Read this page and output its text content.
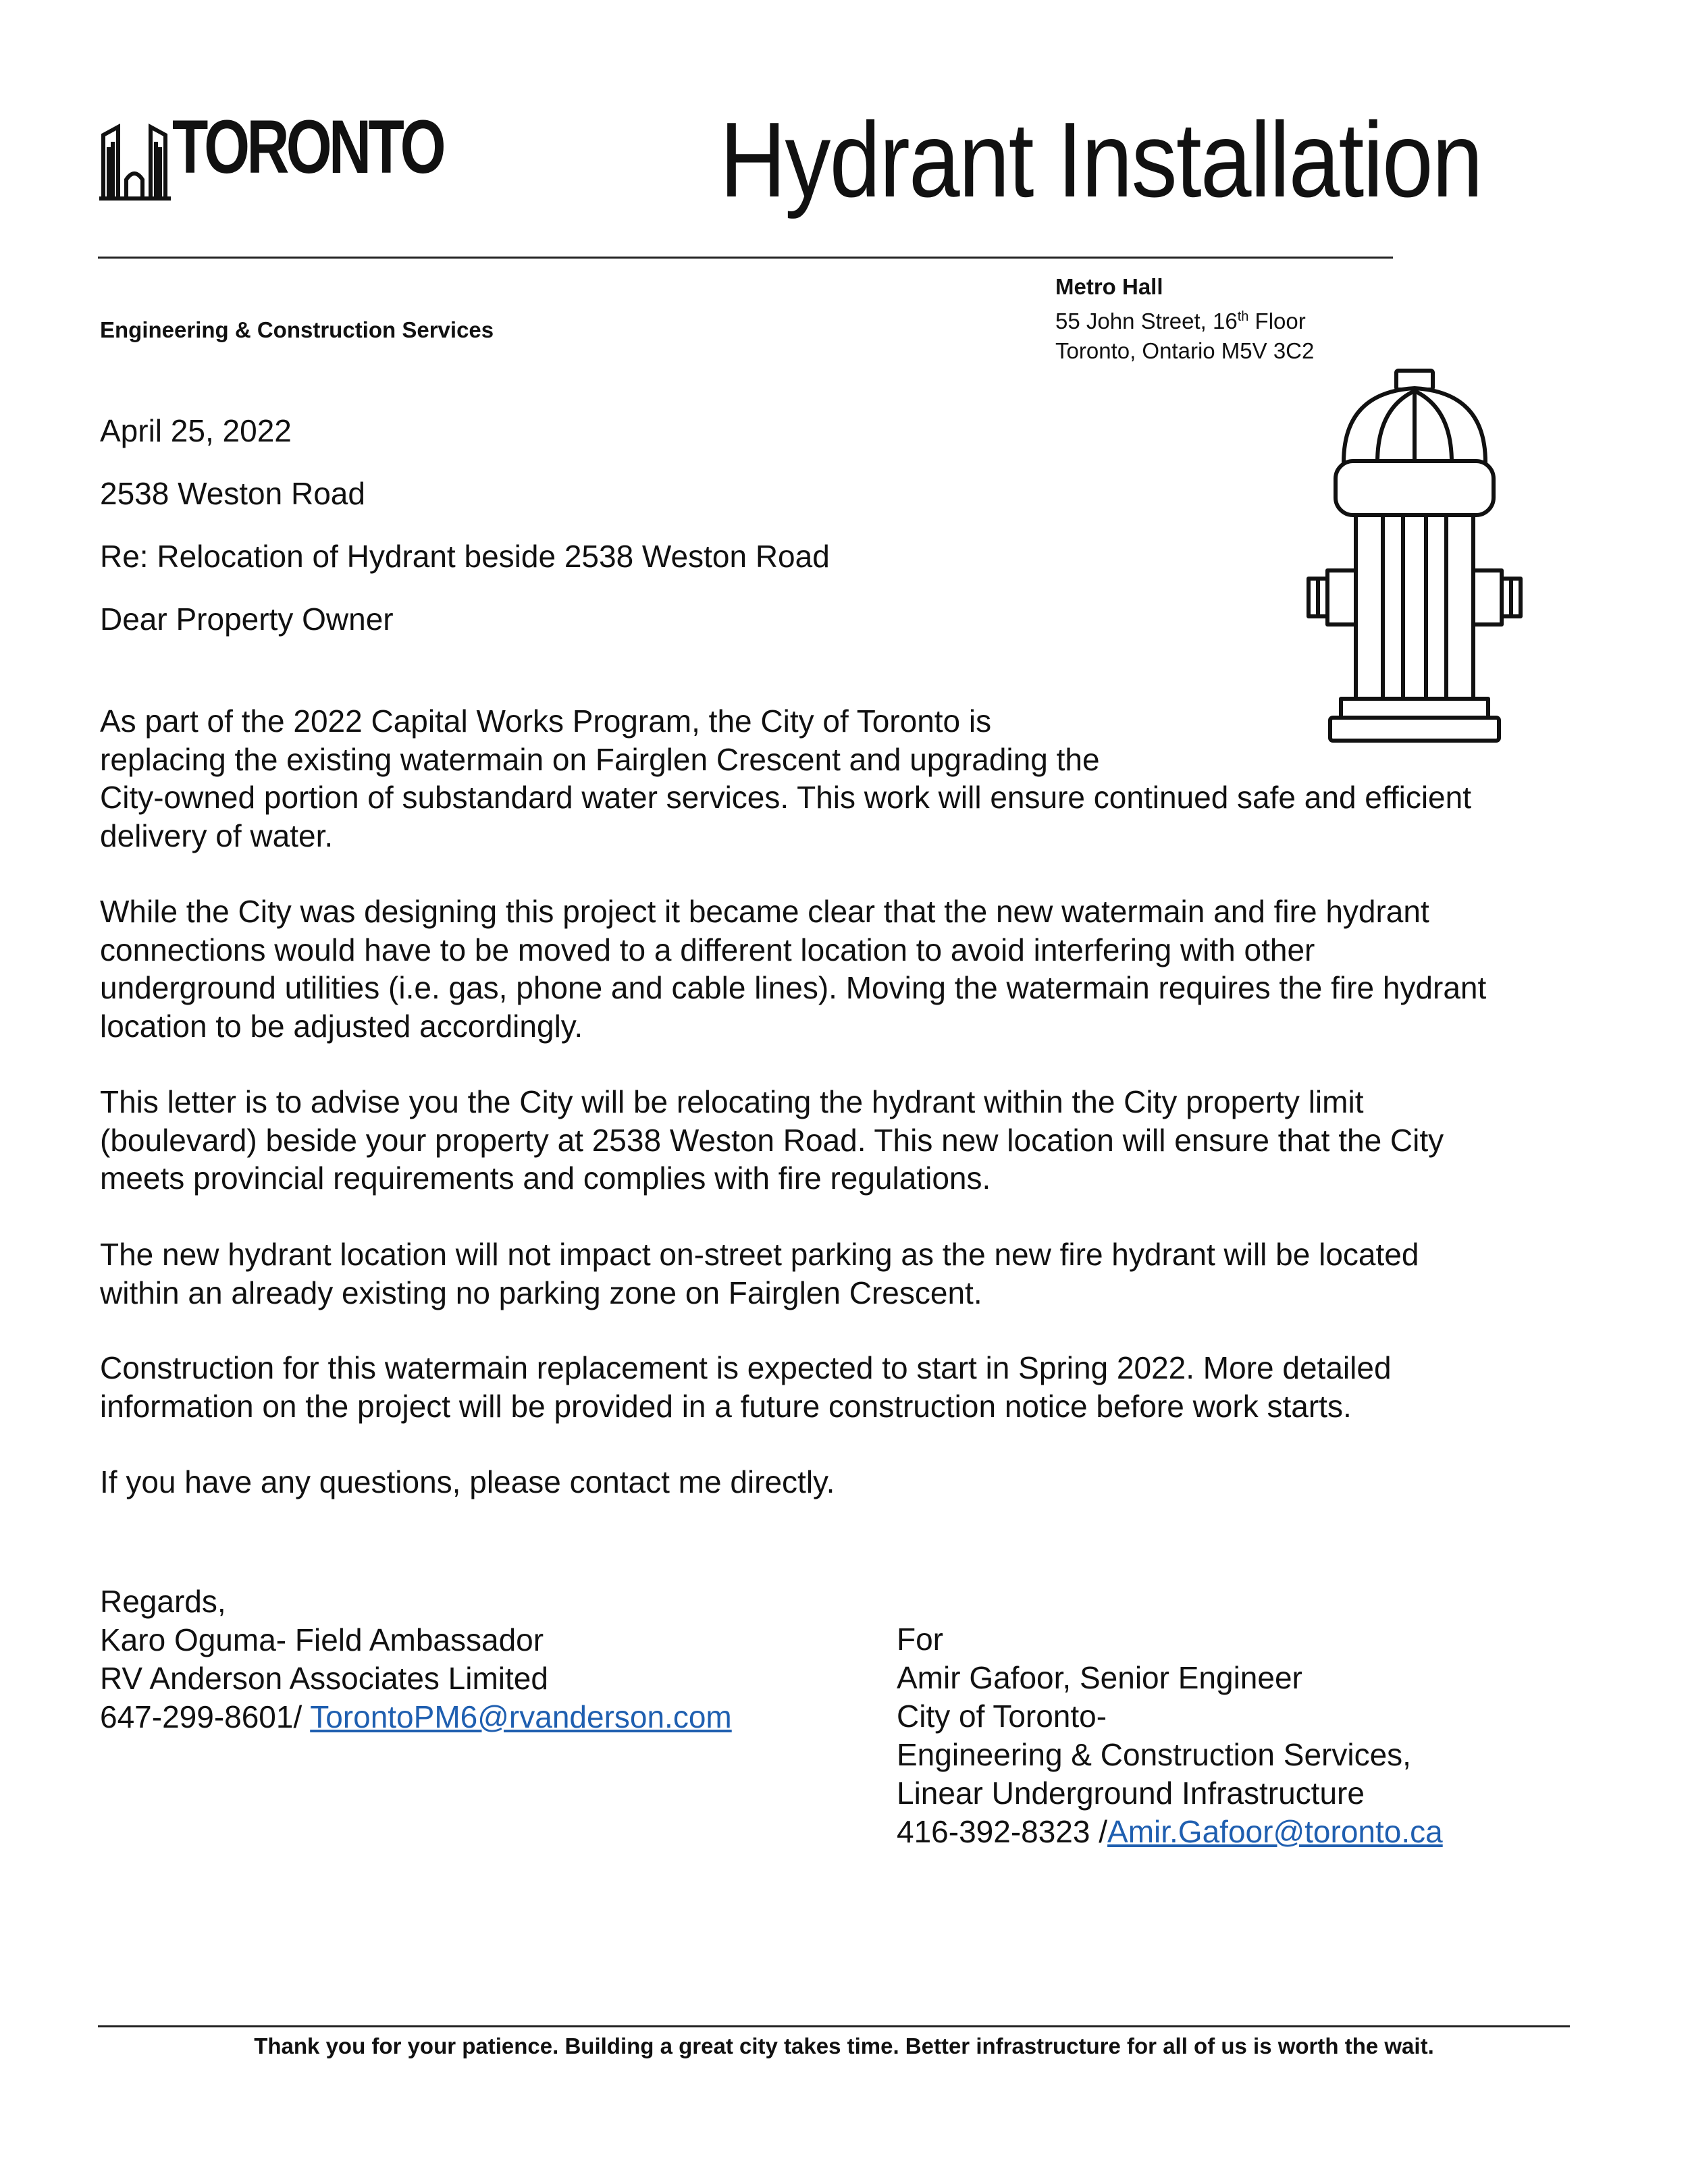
TORONTO	Hydrant Installation
Metro Hall
55 John Street, 16th Floor
Toronto, Ontario M5V 3C2
Engineering & Construction Services
April 25, 2022
2538 Weston Road
Re: Relocation of Hydrant beside 2538 Weston Road
Dear Property Owner
As part of the 2022 Capital Works Program, the City of Toronto is
replacing the existing watermain on Fairglen Crescent and upgrading the
City-owned portion of substandard water services. This work will ensure continued safe and efficient
delivery of water.
While the City was designing this project it became clear that the new watermain and fire hydrant
connections would have to be moved to a different location to avoid interfering with other
underground utilities (i.e. gas, phone and cable lines). Moving the watermain requires the fire hydrant
location to be adjusted accordingly.
This letter is to advise you the City will be relocating the hydrant within the City property limit
(boulevard) beside your property at 2538 Weston Road. This new location will ensure that the City
meets provincial requirements and complies with fire regulations.
The new hydrant location will not impact on-street parking as the new fire hydrant will be located
within an already existing no parking zone on Fairglen Crescent.
Construction for this watermain replacement is expected to start in Spring 2022. More detailed
information on the project will be provided in a future construction notice before work starts.
If you have any questions, please contact me directly.
Regards,
Karo Oguma- Field Ambassador
RV Anderson Associates Limited
647-299-8601/ TorontoPM6@rvanderson.com
For
Amir Gafoor, Senior Engineer
City of Toronto-
Engineering & Construction Services,
Linear Underground Infrastructure
416-392-8323 /Amir.Gafoor@toronto.ca
Thank you for your patience. Building a great city takes time. Better infrastructure for all of us is worth the wait.
